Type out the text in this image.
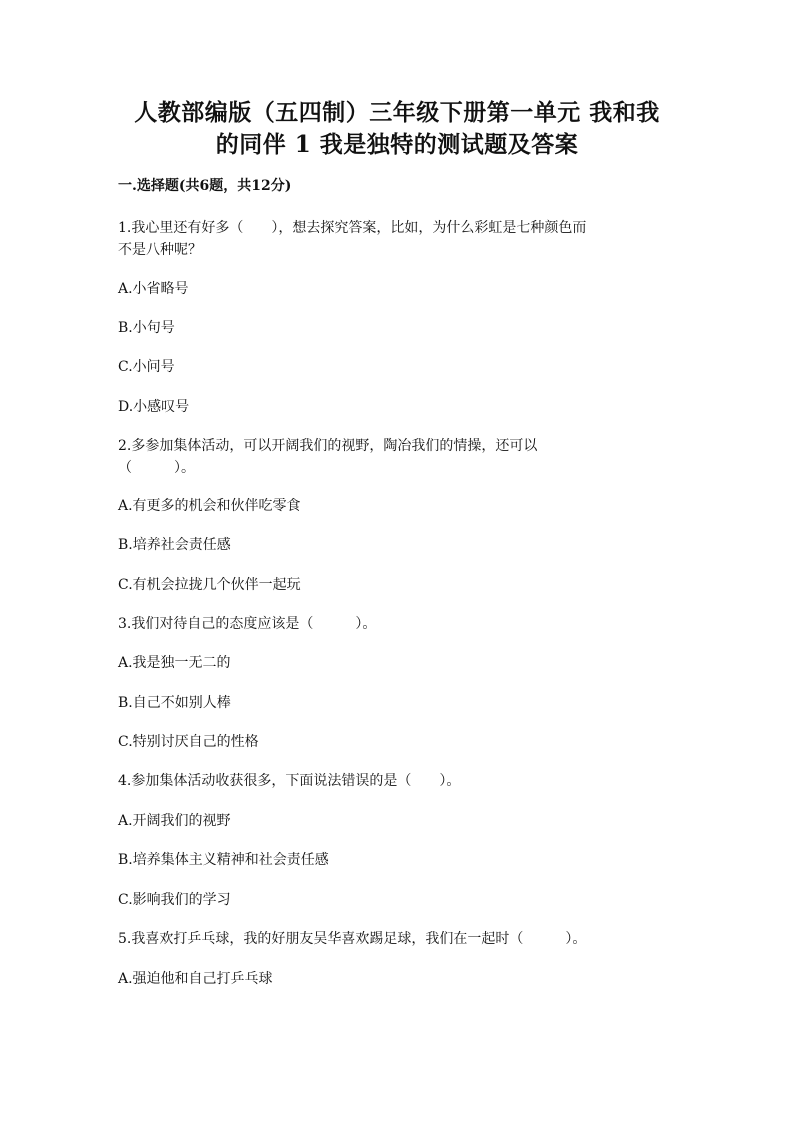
人教部编版（五四制）三年级下册第一单元 我和我
的同伴 1 我是独特的测试题及答案
一.选择题(共6题，共12分)
1.我心里还有好多（　　），想去探究答案，比如，为什么彩虹是七种颜色而
不是八种呢？
A.小省略号
B.小句号
C.小问号
D.小感叹号
2.多参加集体活动，可以开阔我们的视野，陶冶我们的情操，还可以
（　　　）。
A.有更多的机会和伙伴吃零食
B.培养社会责任感
C.有机会拉拢几个伙伴一起玩
3.我们对待自己的态度应该是（　　　）。
A.我是独一无二的
B.自己不如别人棒
C.特别讨厌自己的性格
4.参加集体活动收获很多，下面说法错误的是（　　）。
A.开阔我们的视野
B.培养集体主义精神和社会责任感
C.影响我们的学习
5.我喜欢打乒乓球，我的好朋友吴华喜欢踢足球，我们在一起时（　　　）。
A.强迫他和自己打乒乓球
